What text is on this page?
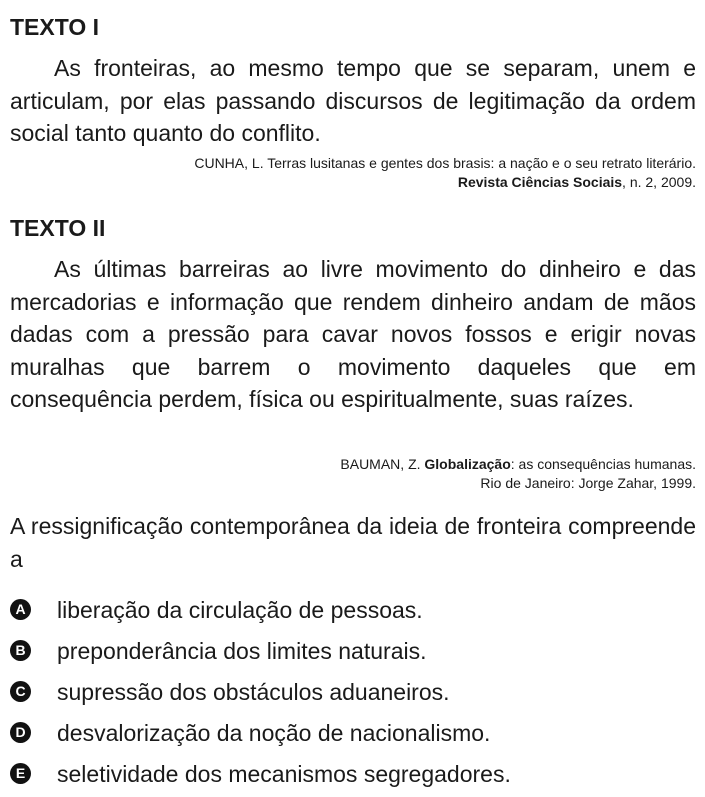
TEXTO I

As fronteiras, ao mesmo tempo que se separam, unem e articulam, por elas passando discursos de legitimação da ordem social tanto quanto do conflito.

CUNHA, L. Terras lusitanas e gentes dos brasis: a nação e o seu retrato literário.
Revista Ciências Sociais, n. 2, 2009.
TEXTO II

As últimas barreiras ao livre movimento do dinheiro e das mercadorias e informação que rendem dinheiro andam de mãos dadas com a pressão para cavar novos fossos e erigir novas muralhas que barrem o movimento daqueles que em consequência perdem, física ou espiritualmente, suas raízes.

BAUMAN, Z. Globalização: as consequências humanas.
Rio de Janeiro: Jorge Zahar, 1999.

A ressignificação contemporânea da ideia de fronteira compreende a

A liberação da circulação de pessoas.
B preponderância dos limites naturais.
C supressão dos obstáculos aduaneiros.
D desvalorização da noção de nacionalismo.
E seletividade dos mecanismos segregadores.
